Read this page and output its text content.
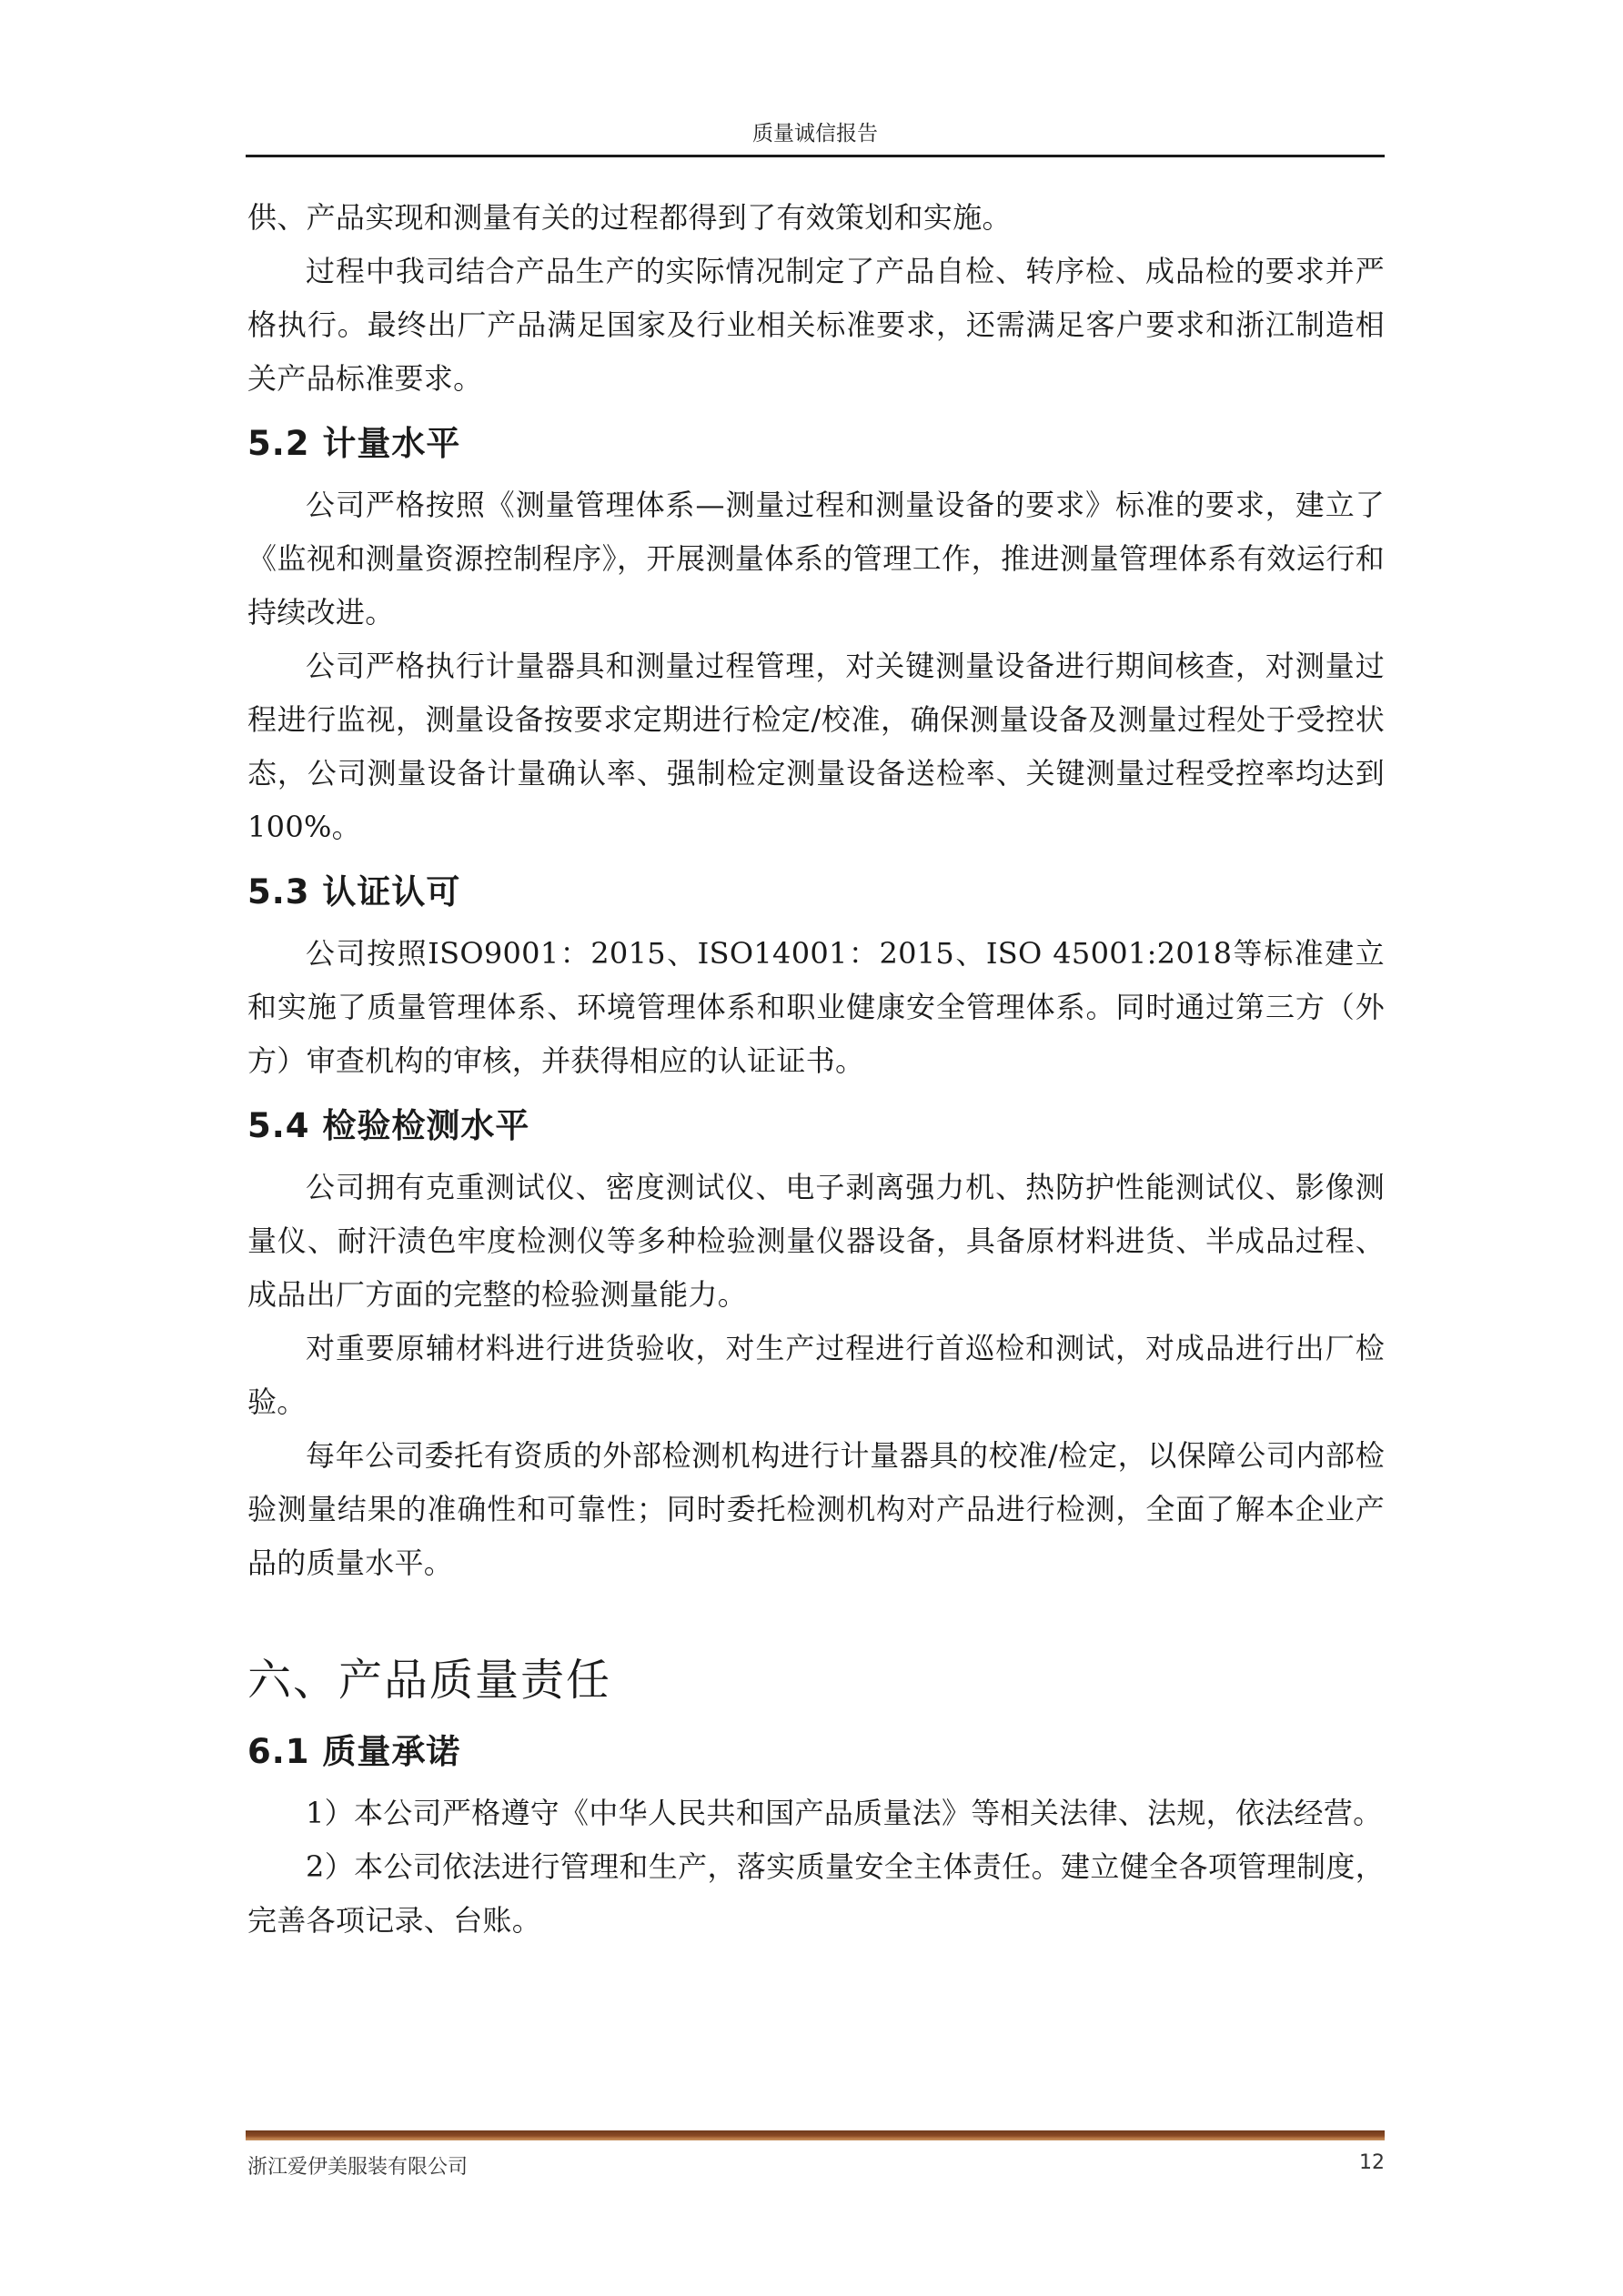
质量诚信报告

供、产品实现和测量有关的过程都得到了有效策划和实施。

过程中我司结合产品生产的实际情况制定了产品自检、转序检、成品检的要求并严格执行。最终出厂产品满足国家及行业相关标准要求，还需满足客户要求和浙江制造相关产品标准要求。

5.2 计量水平

公司严格按照《测量管理体系—测量过程和测量设备的要求》标准的要求，建立了《监视和测量资源控制程序》，开展测量体系的管理工作，推进测量管理体系有效运行和持续改进。

公司严格执行计量器具和测量过程管理，对关键测量设备进行期间核查，对测量过程进行监视，测量设备按要求定期进行检定/校准，确保测量设备及测量过程处于受控状态，公司测量设备计量确认率、强制检定测量设备送检率、关键测量过程受控率均达到100%。

5.3 认证认可

公司按照ISO9001：2015、ISO14001：2015、ISO 45001:2018等标准建立和实施了质量管理体系、环境管理体系和职业健康安全管理体系。同时通过第三方（外方）审查机构的审核，并获得相应的认证证书。

5.4 检验检测水平

公司拥有克重测试仪、密度测试仪、电子剥离强力机、热防护性能测试仪、影像测量仪、耐汗渍色牢度检测仪等多种检验测量仪器设备，具备原材料进货、半成品过程、成品出厂方面的完整的检验测量能力。

对重要原辅材料进行进货验收，对生产过程进行首巡检和测试，对成品进行出厂检验。

每年公司委托有资质的外部检测机构进行计量器具的校准/检定，以保障公司内部检验测量结果的准确性和可靠性；同时委托检测机构对产品进行检测，全面了解本企业产品的质量水平。

六、产品质量责任
6.1 质量承诺

1）本公司严格遵守《中华人民共和国产品质量法》等相关法律、法规，依法经营。

2）本公司依法进行管理和生产，落实质量安全主体责任。建立健全各项管理制度，完善各项记录、台账。

浙江爱伊美服装有限公司	12
